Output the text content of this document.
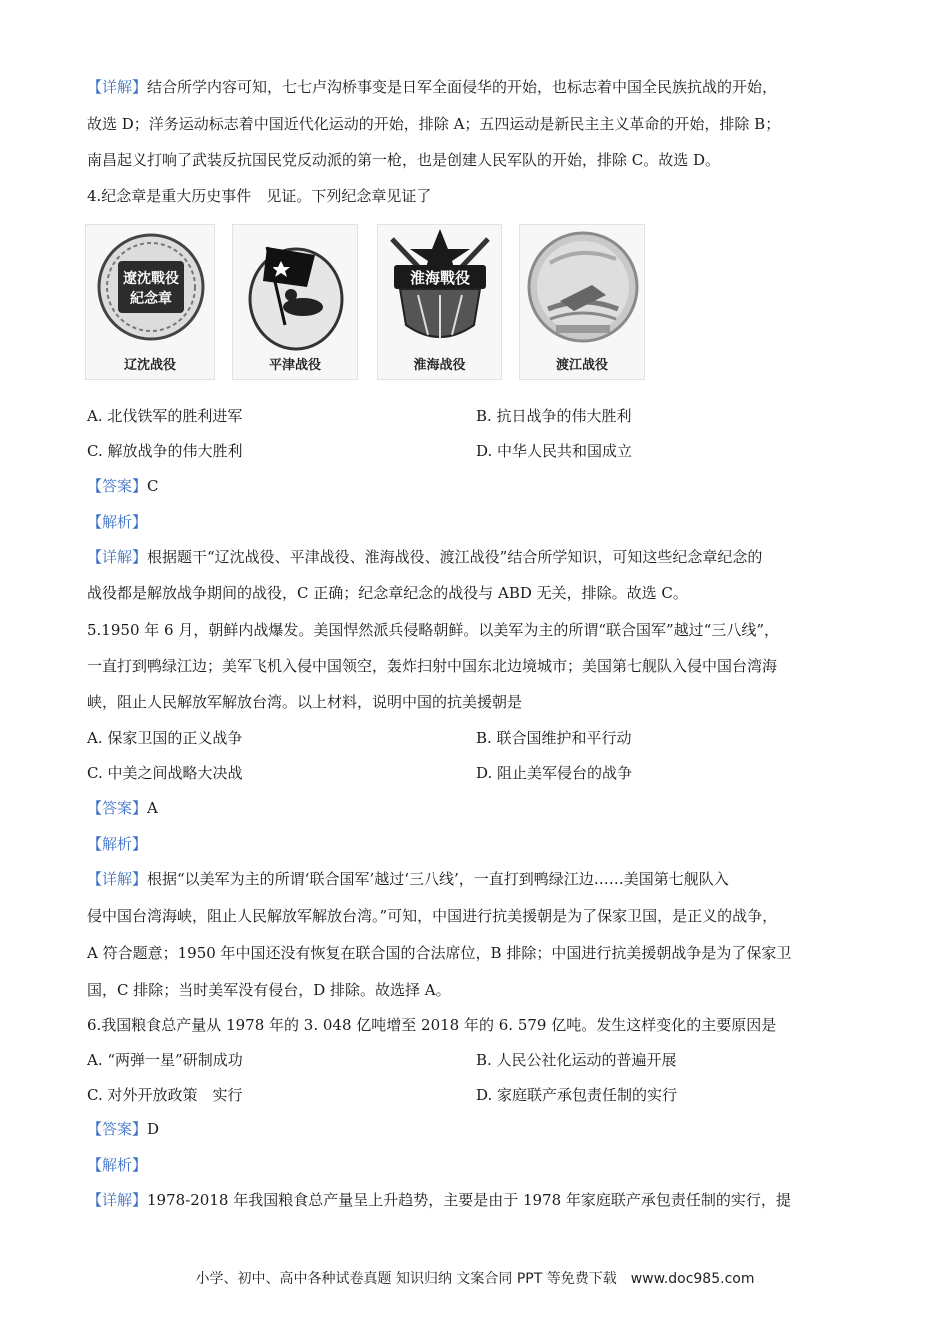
【详解】结合所学内容可知，七七卢沟桥事变是日军全面侵华的开始，也标志着中国全民族抗战的开始，
故选 D；洋务运动标志着中国近代化运动的开始，排除 A；五四运动是新民主主义革命的开始，排除 B；
南昌起义打响了武装反抗国民党反动派的第一枪，也是创建人民军队的开始，排除 C。故选 D。
4.纪念章是重大历史事件　见证。下列纪念章见证了
遼沈戰役
紀念章
辽沈战役	平津战役
淮海戰役
淮海战役	渡江战役
A. 北伐铁军的胜利进军	B. 抗日战争的伟大胜利
C. 解放战争的伟大胜利	D. 中华人民共和国成立
【答案】C
【解析】
【详解】根据题干“辽沈战役、平津战役、淮海战役、渡江战役”结合所学知识，可知这些纪念章纪念的
战役都是解放战争期间的战役，C 正确；纪念章纪念的战役与 ABD 无关，排除。故选 C。
5.1950 年 6 月，朝鲜内战爆发。美国悍然派兵侵略朝鲜。以美军为主的所谓“联合国军”越过“三八线”，
一直打到鸭绿江边；美军飞机入侵中国领空，轰炸扫射中国东北边境城市；美国第七舰队入侵中国台湾海
峡，阻止人民解放军解放台湾。以上材料，说明中国的抗美援朝是
A. 保家卫国的正义战争	B. 联合国维护和平行动
C. 中美之间战略大决战	D. 阻止美军侵台的战争
【答案】A
【解析】
【详解】根据“以美军为主的所谓‘联合国军’越过‘三八线’，一直打到鸭绿江边……美国第七舰队入
侵中国台湾海峡，阻止人民解放军解放台湾。”可知，中国进行抗美援朝是为了保家卫国，是正义的战争，
A 符合题意；1950 年中国还没有恢复在联合国的合法席位，B 排除；中国进行抗美援朝战争是为了保家卫
国，C 排除；当时美军没有侵台，D 排除。故选择 A。
6.我国粮食总产量从 1978 年的 3. 048 亿吨增至 2018 年的 6. 579 亿吨。发生这样变化的主要原因是
A. “两弹一星”研制成功	B. 人民公社化运动的普遍开展
C. 对外开放政策　实行	D. 家庭联产承包责任制的实行
【答案】D
【解析】
【详解】1978-2018 年我国粮食总产量呈上升趋势，主要是由于 1978 年家庭联产承包责任制的实行，提
小学、初中、高中各种试卷真题 知识归纳 文案合同 PPT 等免费下载　www.doc985.com
